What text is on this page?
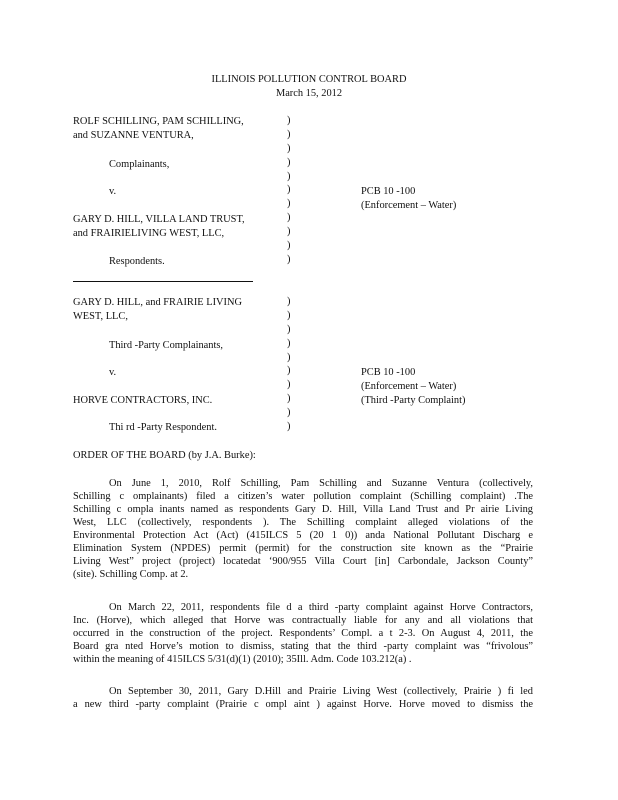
ILLINOIS POLLUTION CONTROL BOARD
March 15, 2012
ROLF SCHILLING, PAM SCHILLING,
and SUZANNE VENTURA,
Complainants,
v.
GARY D. HILL, VILLA LAND TRUST,
and FRAIRIELIVING WEST, LLC,
Respondents.
PCB 10 -100
(Enforcement – Water)
)
)
)
)
)
)
)
)
)
)
)
GARY D. HILL, and FRAIRIE LIVING
WEST, LLC,
Third -Party Complainants,
v.
HORVE CONTRACTORS, INC.
Thi rd -Party Respondent.
PCB 10 -100
(Enforcement – Water)
(Third -Party Complaint)
)
)
)
)
)
)
)
)
)
)
ORDER OF THE BOARD (by J.A. Burke):
On June 1, 2010, Rolf Schilling, Pam Schilling and Suzanne Ventura (collectively,
Schilling c omplainants) filed a citizen’s water pollution complaint (Schilling complaint) .The
Schilling c ompla inants named as respondents Gary D. Hill, Villa Land Trust and Pr airie Living
West, LLC (collectively, respondents ). The Schilling complaint alleged violations of the
Environmental Protection Act (Act) (415ILCS 5 (20 1 0)) anda National Pollutant Discharg e
Elimination System (NPDES) permit (permit) for the construction site known as the “Prairie
Living West” project (project) locatedat ‘900/955 Villa Court [in] Carbondale, Jackson County”
(site). Schilling Comp. at 2.
On March 22, 2011, respondents file d a third -party complaint against Horve Contractors,
Inc. (Horve), which alleged that Horve was contractually liable for any and all violations that
occurred in the construction of the project. Respondents’ Compl. a t 2-3. On August 4, 2011, the
Board gra nted Horve’s motion to dismiss, stating that the third -party complaint was “frivolous”
within the meaning of 415ILCS 5/31(d)(1) (2010); 35Ill. Adm. Code 103.212(a) .
On September 30, 2011, Gary D.Hill and Prairie Living West (collectively, Prairie ) fi led
a new third -party complaint (Prairie c ompl aint ) against Horve. Horve moved to dismiss the
